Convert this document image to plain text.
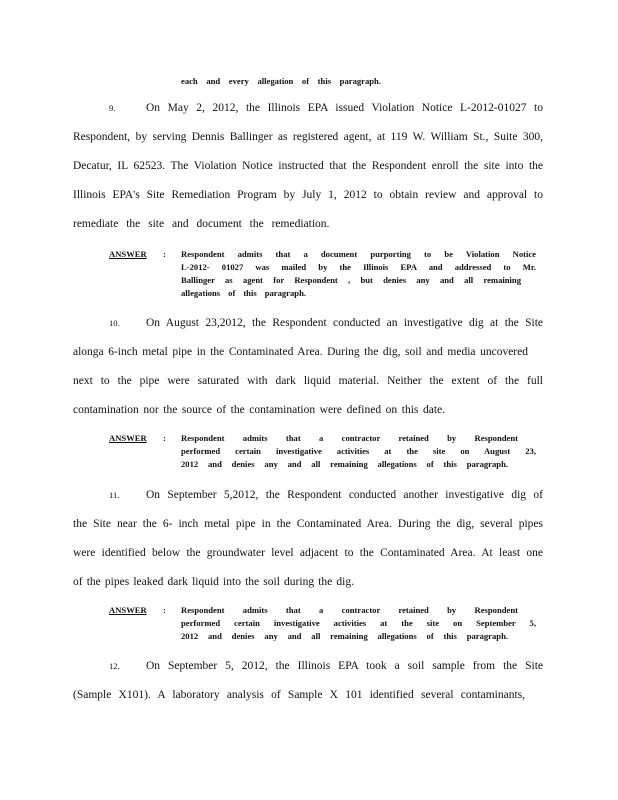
each and every allegation of this paragraph.
9.	On May 2, 2012, the Illinois EPA issued Violation Notice L-2012-01027 to
Respondent, by serving Dennis Ballinger as registered agent, at 119 W. William St., Suite 300,
Decatur, IL 62523. The Violation Notice instructed that the Respondent enroll the site into the
Illinois EPA's Site Remediation Program by July 1, 2012 to obtain review and approval to
remediate the site and document the remediation.
ANSWER : Respondent admits that a document purporting to be Violation Notice
L-2012- 01027 was mailed by the Illinois EPA and addressed to Mr.
Ballinger as agent for Respondent , but denies any and all remaining
allegations of this paragraph.
10. On August 23,2012, the Respondent conducted an investigative dig at the Site
alonga 6-inch metal pipe in the Contaminated Area. During the dig, soil and media uncovered
next to the pipe were saturated with dark liquid material. Neither the extent of the full
contamination nor the source of the contamination were defined on this date.
ANSWER : Respondent admits that a contractor retained by Respondent
performed certain investigative activities at the site on August 23,
2012 and denies any and all remaining allegations of this paragraph.
11. On September 5,2012, the Respondent conducted another investigative dig of
the Site near the 6- inch metal pipe in the Contaminated Area. During the dig, several pipes
were identified below the groundwater level adjacent to the Contaminated Area. At least one
of the pipes leaked dark liquid into the soil during the dig.
ANSWER : Respondent admits that a contractor retained by Respondent
performed certain investigative activities at the site on September 5,
2012 and denies any and all remaining allegations of this paragraph.
12. On September 5, 2012, the Illinois EPA took a soil sample from the Site
(Sample X101). A laboratory analysis of Sample X 101 identified several contaminants,
